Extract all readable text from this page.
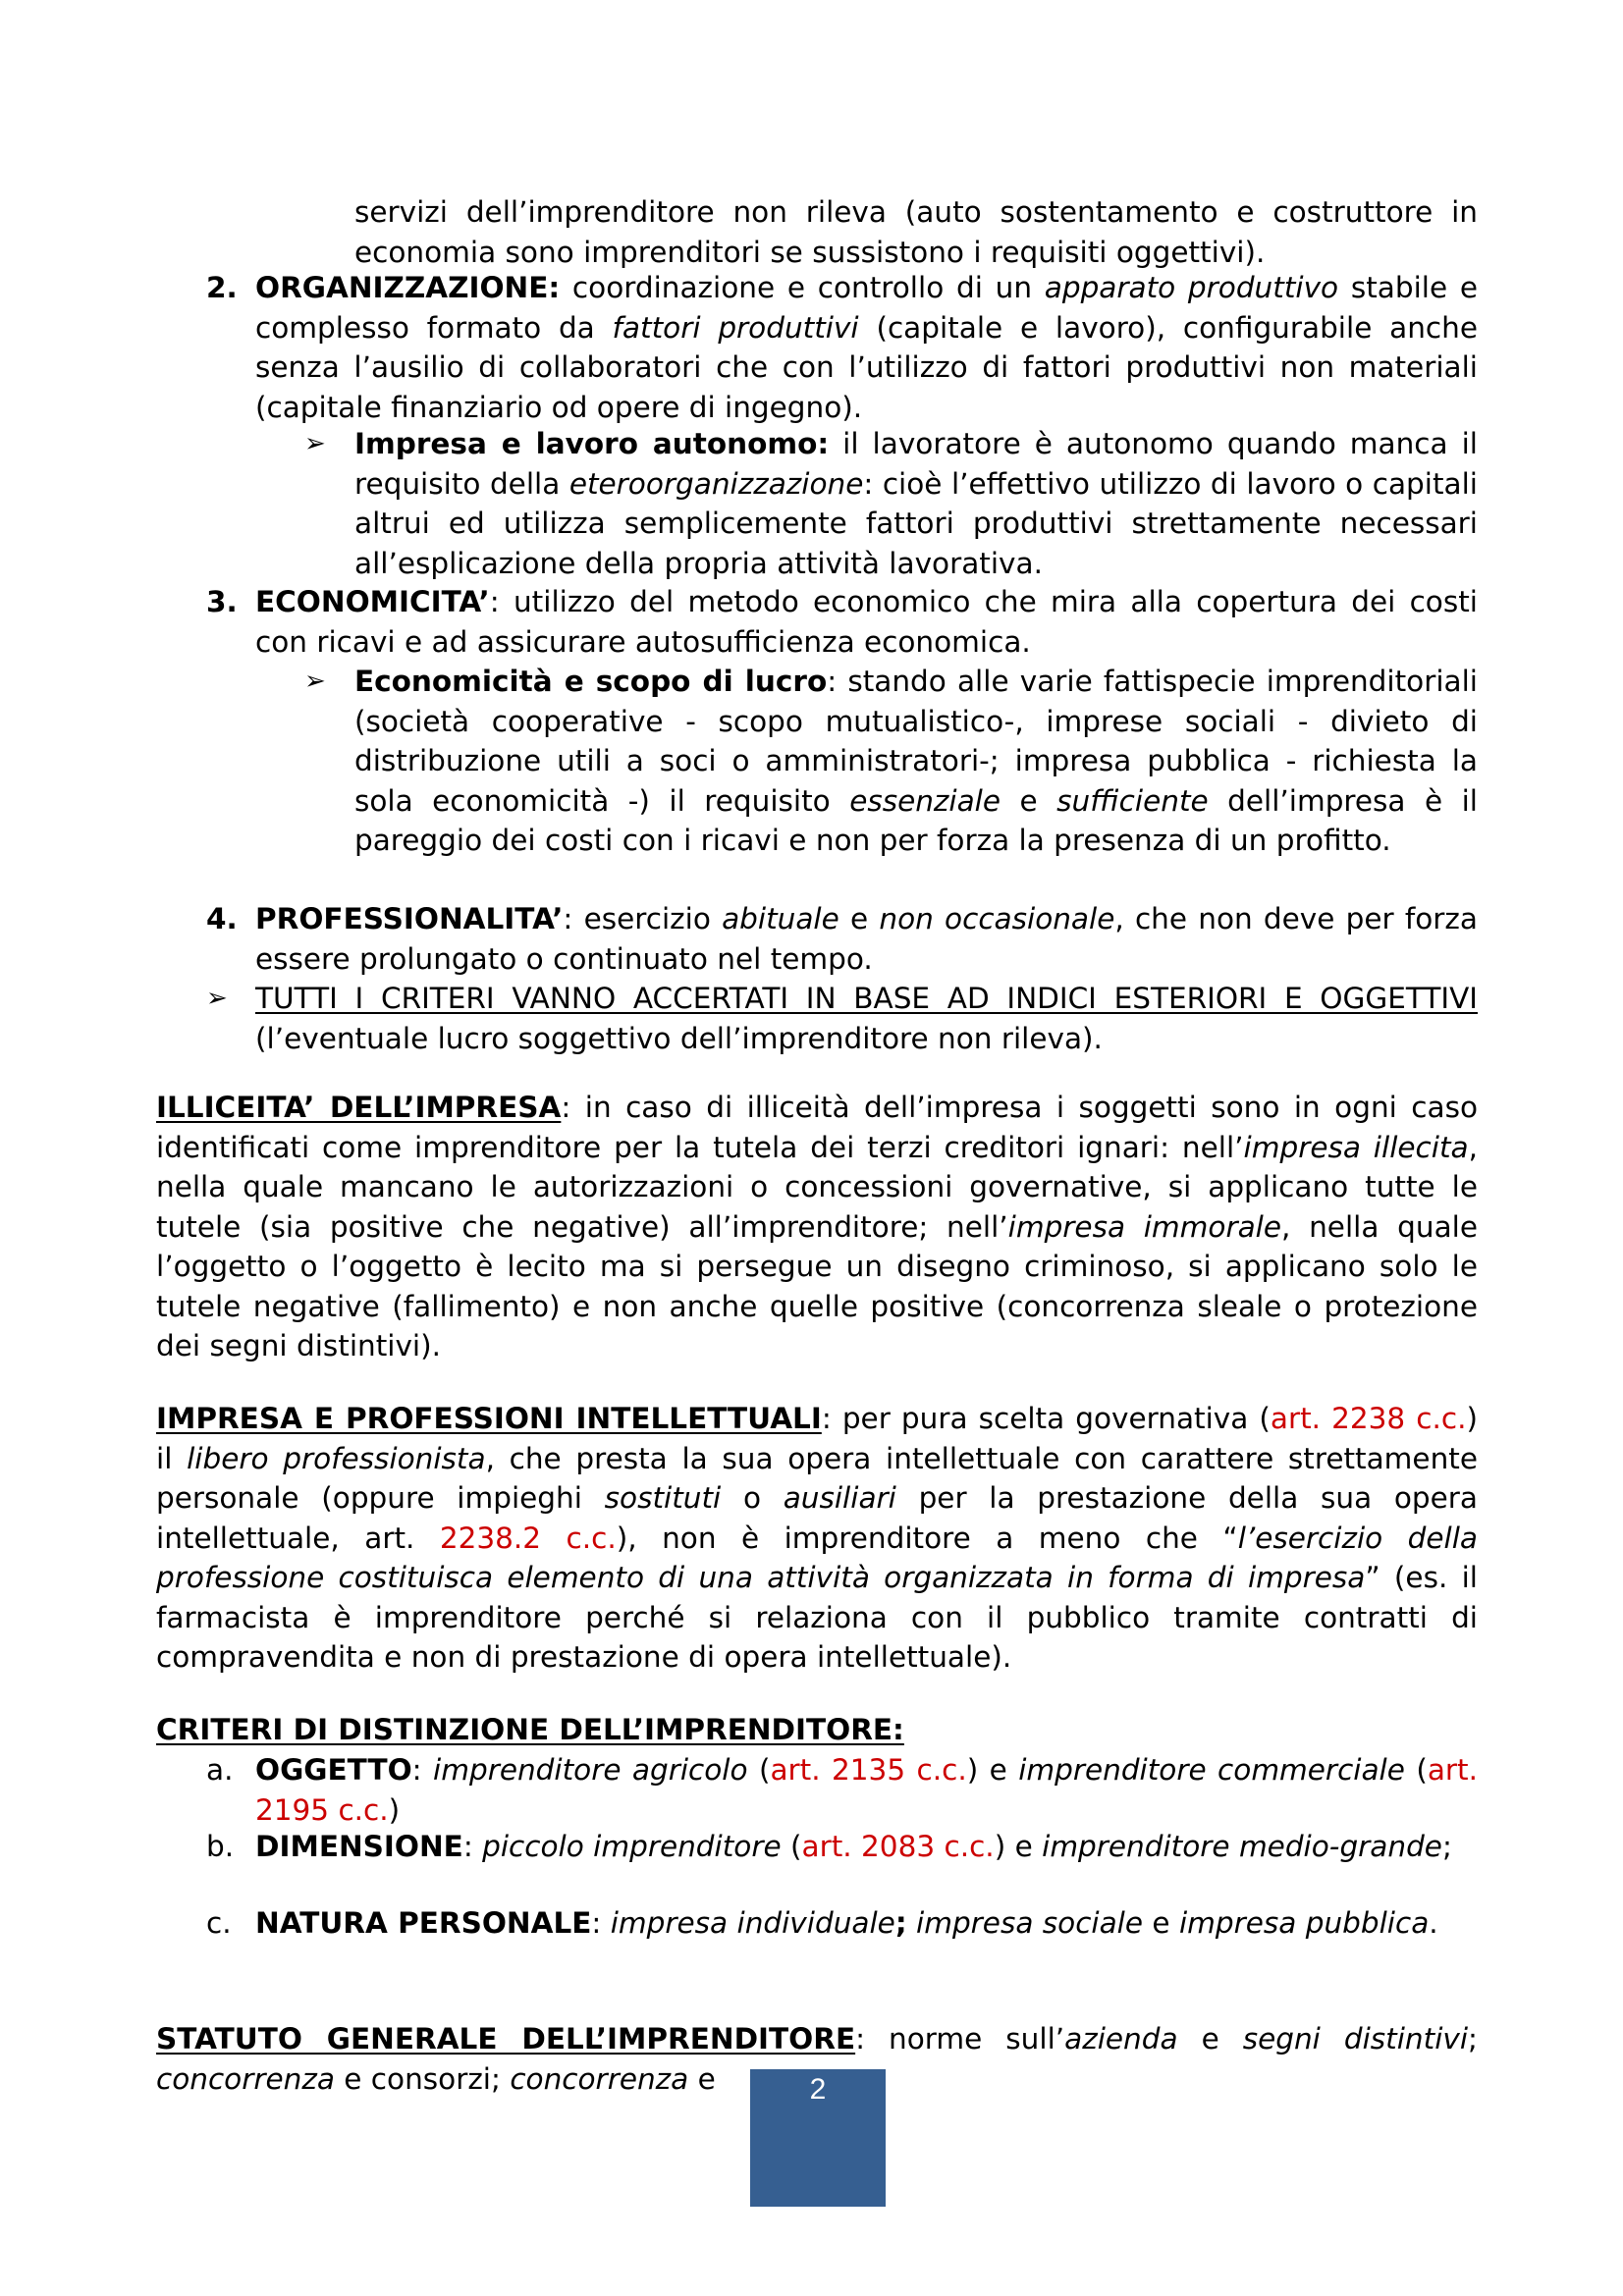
servizi dell’imprenditore non rileva (auto sostentamento e costruttore in economia sono imprenditori se sussistono i requisiti oggettivi).

2. ORGANIZZAZIONE: coordinazione e controllo di un apparato produttivo stabile e complesso formato da fattori produttivi (capitale e lavoro), configurabile anche senza l’ausilio di collaboratori che con l’utilizzo di fattori produttivi non materiali (capitale finanziario od opere di ingegno).

➢ Impresa e lavoro autonomo: il lavoratore è autonomo quando manca il requisito della eteroorganizzazione: cioè l’effettivo utilizzo di lavoro o capitali altrui ed utilizza semplicemente fattori produttivi strettamente necessari all’esplicazione della propria attività lavorativa.

3. ECONOMICITA’: utilizzo del metodo economico che mira alla copertura dei costi con ricavi e ad assicurare autosufficienza economica.

➢ Economicità e scopo di lucro: stando alle varie fattispecie imprenditoriali (società cooperative - scopo mutualistico-, imprese sociali - divieto di distribuzione utili a soci o amministratori-; impresa pubblica - richiesta la sola economicità -) il requisito essenziale e sufficiente dell’impresa è il pareggio dei costi con i ricavi e non per forza la presenza di un profitto.

4. PROFESSIONALITA’: esercizio abituale e non occasionale, che non deve per forza essere prolungato o continuato nel tempo.

➢ TUTTI I CRITERI VANNO ACCERTATI IN BASE AD INDICI ESTERIORI E OGGETTIVI (l’eventuale lucro soggettivo dell’imprenditore non rileva).

ILLICEITA’ DELL’IMPRESA: in caso di illiceità dell’impresa i soggetti sono in ogni caso identificati come imprenditore per la tutela dei terzi creditori ignari: nell’impresa illecita, nella quale mancano le autorizzazioni o concessioni governative, si applicano tutte le tutele (sia positive che negative) all’imprenditore; nell’impresa immorale, nella quale l’oggetto o l’oggetto è lecito ma si persegue un disegno criminoso, si applicano solo le tutele negative (fallimento) e non anche quelle positive (concorrenza sleale o protezione dei segni distintivi).

IMPRESA E PROFESSIONI INTELLETTUALI: per pura scelta governativa (art. 2238 c.c.) il libero professionista, che presta la sua opera intellettuale con carattere strettamente personale (oppure impieghi sostituti o ausiliari per la prestazione della sua opera intellettuale, art. 2238.2 c.c.), non è imprenditore a meno che “l’esercizio della professione costituisca elemento di una attività organizzata in forma di impresa” (es. il farmacista è imprenditore perché si relaziona con il pubblico tramite contratti di compravendita e non di prestazione di opera intellettuale).

CRITERI DI DISTINZIONE DELL’IMPRENDITORE:

a. OGGETTO: imprenditore agricolo (art. 2135 c.c.) e imprenditore commerciale (art. 2195 c.c.)

b. DIMENSIONE: piccolo imprenditore (art. 2083 c.c.) e imprenditore medio-grande;

c. NATURA PERSONALE: impresa individuale; impresa sociale e impresa pubblica.

STATUTO GENERALE DELL’IMPRENDITORE: norme sull’azienda e segni distintivi;

concorrenza e consorzi; concorrenza e	2
